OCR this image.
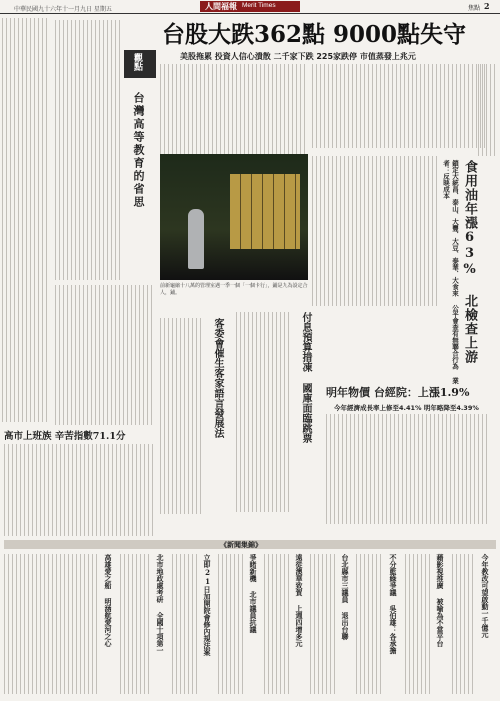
中華民國九十六年十一月九日 星期五	人間福報 Merit Times	焦點 2
觀點
台灣高等教育的省思
台股大跌362點 9000點失守
美股拖累 投資人信心潰散 二千家下跌 225家跌停 市值蒸發上兆元
前新龜縮十八萬的管理室遇一季一個「一個卡行」，鋪是九為設定合人，鋪。	食用油年漲63% 北檢查上游
鎖定大統昌、泰山、大豐、大豆、泰華、大食來 公平會查有無聯合行為 業者：反映成本
付息預算措凍 國庫面臨跳票
客委會催生客家語言發展法	明年物價 台經院：上漲1.9%
今年經濟成長率上修至4.41% 明年略降至4.39%
高市上班族 辛苦指數71.1分
《新聞集錦》
今年教改可望啟動一千億元
藉影視推廣 被喻為不當平台
不分藍綠爭議 吳伯雄：各承擔
台北縣市三議員 退出台聯
遠從澳華致賀 上週四增多元
爭睹新機 北市議員抗議
立即21日加開院會修內規法案
北市地政處考研 全國十項第一
高雄愛之船 明涵航愛河之心
